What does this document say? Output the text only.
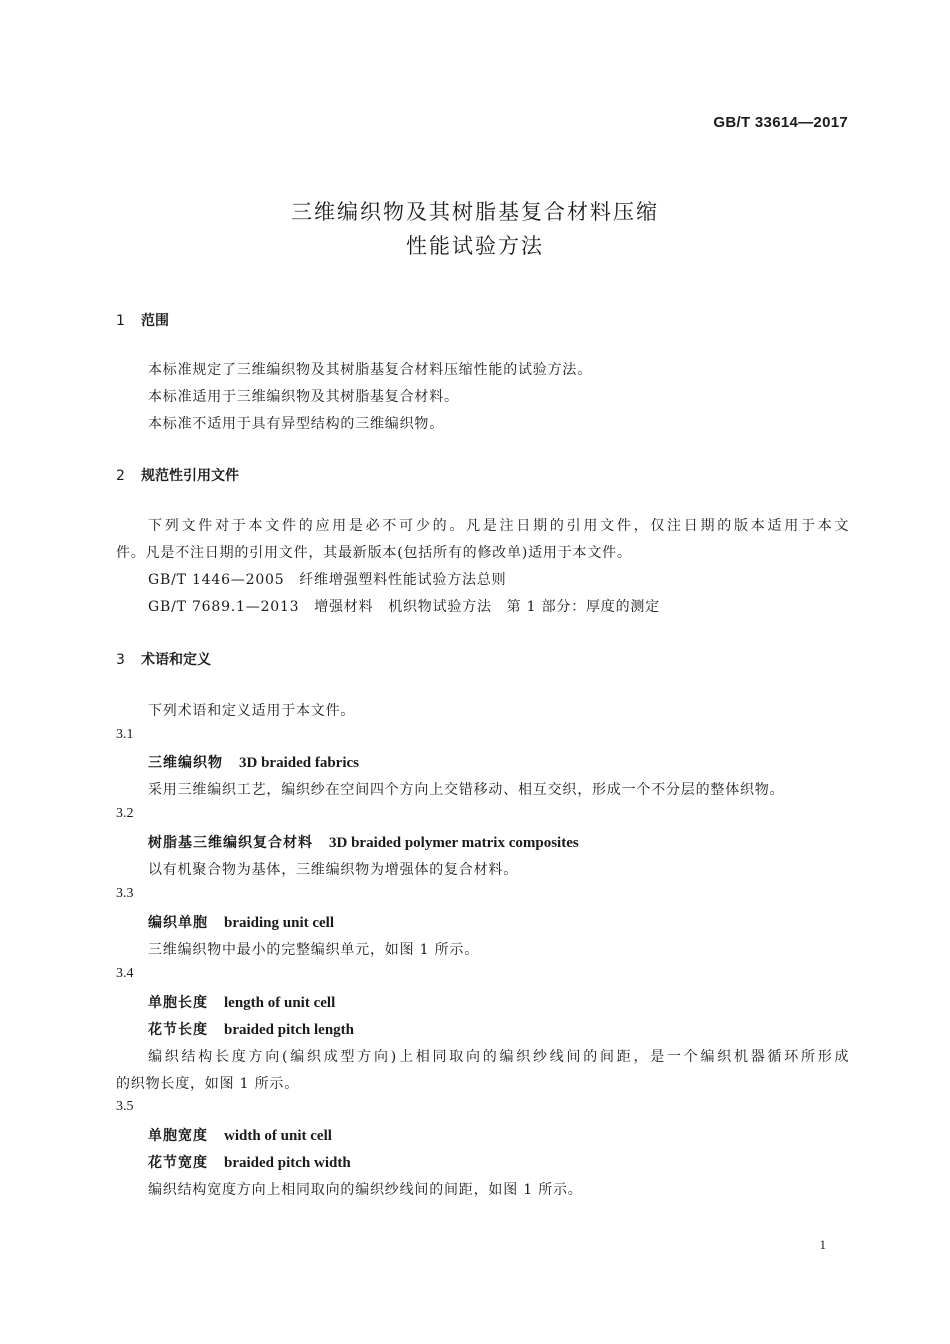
GB/T 33614—2017
三维编织物及其树脂基复合材料压缩
性能试验方法
1 范围
本标准规定了三维编织物及其树脂基复合材料压缩性能的试验方法。
本标准适用于三维编织物及其树脂基复合材料。
本标准不适用于具有异型结构的三维编织物。
2 规范性引用文件
下列文件对于本文件的应用是必不可少的。凡是注日期的引用文件，仅注日期的版本适用于本文
件。凡是不注日期的引用文件，其最新版本(包括所有的修改单)适用于本文件。
GB/T 1446—2005　纤维增强塑料性能试验方法总则
GB/T 7689.1—2013　增强材料　机织物试验方法　第 1 部分：厚度的测定
3 术语和定义
下列术语和定义适用于本文件。
3.1
三维编织物 3D braided fabrics
采用三维编织工艺，编织纱在空间四个方向上交错移动、相互交织，形成一个不分层的整体织物。
3.2
树脂基三维编织复合材料 3D braided polymer matrix composites
以有机聚合物为基体，三维编织物为增强体的复合材料。
3.3
编织单胞 braiding unit cell
三维编织物中最小的完整编织单元，如图 1 所示。
3.4
单胞长度 length of unit cell
花节长度 braided pitch length
编织结构长度方向(编织成型方向)上相同取向的编织纱线间的间距，是一个编织机器循环所形成
的织物长度，如图 1 所示。
3.5
单胞宽度 width of unit cell
花节宽度 braided pitch width
编织结构宽度方向上相同取向的编织纱线间的间距，如图 1 所示。
1
